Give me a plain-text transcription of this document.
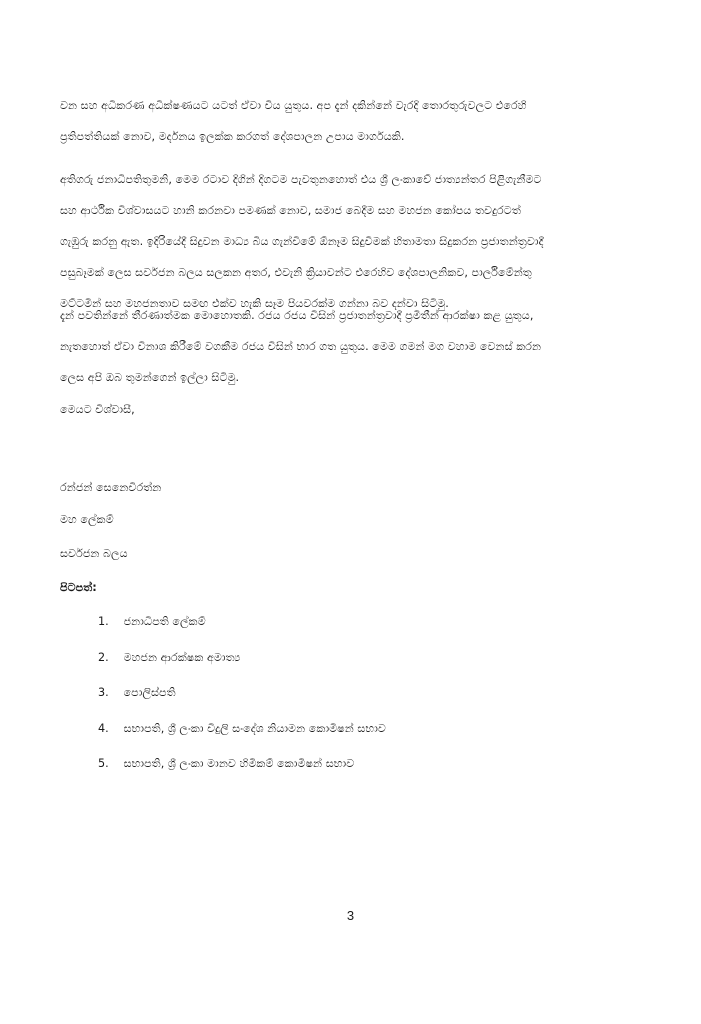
වන සහ අධිකරණ අධීක්ෂණයට යටත් ඒවා විය යුතුය. අප දැන් දකින්නේ වැරදි තොරතුරුවලට එරෙහි
ප්‍රතිපත්තියක් නොව, මර්දනය ඉලක්ක කරගත් දේශපාලන උපාය මාර්ගයකි.
අතිගරු ජනාධිපතිතුමනි, මෙම රටාව දිගින් දිගටම පැවතුනහොත් එය ශ්‍රී ලංකාවේ ජාත්‍යන්තර පිළිගැනීමට
සහ ආර්ථික විශ්වාසයට හානි කරනවා පමණක් නොව, සමාජ බෙදීම සහ මහජන කෝපය තවදුරටත්
ගැඹුරු කරනු ඇත. ඉදිරියේදී සිදුවන මාධ්‍ය බිය ගැන්වීමේ ඕනෑම සිදුවීමක් හිතාමතා සිදුකරන ප්‍රජාතන්ත්‍රවාදී
පසුබෑමක් ලෙස සර්වජන බලය සලකන අතර, එවැනි ක්‍රියාවන්ට එරෙහිව දේශපාලනිකව, පාර්ලිමේන්තු
මට්ටමින් සහ මහජනතාව සමඟ එක්ව හැකි සෑම පියවරක්ම ගන්නා බව දන්වා සිටිමු.
දැන් පවතින්නේ තීරණාත්මක මොහොතකි. රජය රජය විසින් ප්‍රජාතන්ත්‍රවාදී ප්‍රමිතීන් ආරක්ෂා කළ යුතුය,
නැතහොත් ඒවා විනාශ කිරීමේ වගකීම රජය විසින් භාර ගත යුතුය. මෙම ගමන් මග වහාම වෙනස් කරන
ලෙස අපි ඔබ තුමන්ගෙන් ඉල්ලා සිටිමු.
මෙයට විශ්වාසී,
රන්ජන් සෙනෙවිරත්න
මහ ලේකම්
සර්වජන බලය
පිටපත්:
1. ජනාධිපති ලේකම්
2. මහජන ආරක්ෂක අමාත්‍ය
3. පොලිස්පති
4. සභාපති, ශ්‍රී ලංකා විදුලි සංදේශ නියාමන කොමිෂන් සභාව
5. සභාපති, ශ්‍රී ලංකා මානව හිමිකම් කොමිෂන් සභාව
3
